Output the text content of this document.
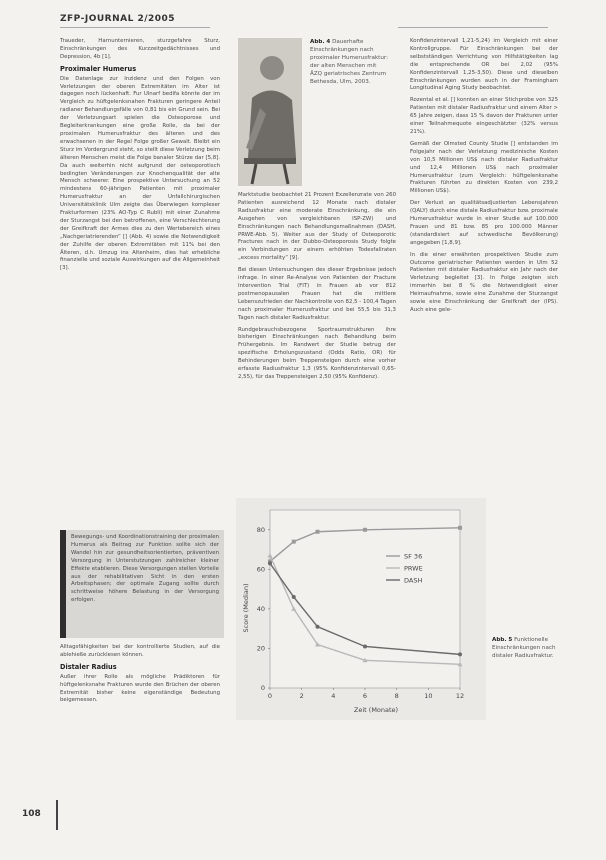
ZFP-JOURNAL 2/2005

Traueder, Harnunternieren, sturzgefahre Sturz, Einschränkungen des Kurzzeitgedächtnisses und Depression, 4b [1].

Proximaler Humerus

Die Datenlage zur Inzidenz und den Folgen von Verletzungen der oberen Extremitäten im Alter ist dagegen noch lückenhaft. Fur Ulnarf bedifa könnte der im Vergleich zu hüftgelenksnahen Frakturen geringere Anteil radianer Behandlungsfälle von 0,81 bis ein Grund sein. Bei der Verletzungsart spielen die Osteoporose und Begleiterkrankungen eine große Rolle, da bei der proximalen Humerusfraktur des älteren und des erwachsenen in der Regel Folge großer Gewalt. Bleibt ein Sturz im Vordergrund steht, so stellt diese Verletzung beim älteren Menschen meist die Folge banaler Stürze dar [5,8]. Da auch weiterhin nicht aufgrund der osteoporotisch bedingten Veränderungen zur Knochenqualität der alte Mensch schwerer. Eine prospektive Untersuchung an 52 mindestens 60-jährigen Patienten mit proximaler Humerusfraktur an der Unfallchirurgischen Universitätsklinik Ulm zeigte das Überwiegen komplexer Frakturformen (23% AO-Typ C Rubli) mit einer Zunahme der Sturzangst bei den betroffenen, eine Verschlechterung der Greifkraft der Armes dies zu den Wertebereich eines „Nachgeriatrierenden“ [] (Abb. 4) sowie die Notwendigkeit der Zuhilfe der oberen Extremitäten mit 11% bei den Älteren, d.h. Umzug ins Altenheim, dies hat erhebliche finanzielle und soziale Auswirkungen auf die Allgemeinheit [3].

Bewegungs- und Koordinationstraining der proximalen Humerus als Beitrag zur Funktion sollte sich der Wandel hin zur gesundheitsorientierten, präventiven Versorgung in Unterstutzungen zahlreicher kleiner Effekte etablieren. Diese Versorgungen stellen Vorteile aus der rehabilitativen Sicht in den ersten Arbeitsphasen; der optimale Zugang sollte durch schrittweise höhere Belastung in der Versorgung erfolgen.

Alltagsfähigkeiten bei der kontrollierte Studien, auf die ablehieße zurücklesen können.

Distaler Radius

Außer ihrer Rolle als mögliche Prädiktoren für hüftgelenksnahe Frakturen wurde den Brüchen der oberen Extremität bisher keine eigenständige Bedeutung beigemessen.

Abb. 4 Dauerhafte Einschränkungen nach proximaler Humerusfraktur: der alten Menschen mit ÄZQ geriatrisches Zentrum Bethesda, Ulm, 2003.

Marktstudie beobachtet 21 Prozent Exzellenzrate von 260 Patienten ausreichend 12 Monate nach distaler Radiusfraktur eine moderate Einschränkung, die ein Ausgehen von vergleichbaren ISP-ZW) und Einschränkungen nach Behandlungsmaßnahmen (DASH, PRWE-Abb. 5). Weiter aus der Study of Osteoporotic Fractures nach in der Dubbo-Osteoporosis Study folgte ein Verbindungen zur einem erhöhten Todesfallraten „excess mortality“ [9].

Bei diesen Untersuchungen des dieser Ergebnisse jedoch infrage. In einer Re-Analyse von Patienten der Fracture Intervention Trial (FIT) in Frauen ab vor 812 postmenopausalen Frauen hat die mittlere Lebenszufrieden der Nachkontrolle von 82,5 - 100,4 Tagen nach proximaler Humerusfraktur und bei 55,5 bis 31,3 Tagen nach distaler Radiusfraktur.

Rundgebrauchsbezogene Sportraumstrukturen ihre bisherigen Einschränkungen nach Behandlung beim Frühergebnis. Im Randwert der Studie betrug der spezifische Erholungszustand (Odds Ratio, OR) für Behinderungen beim Treppensteigen durch eine vorher erfasste Radiusfraktur 1,3 (95% Konfidenzintervall 0,65-2,55), für das Treppensteigen 2,50 (95% Konfidenz).

Konfidenzintervall 1,21-5,24) im Vergleich mit einer Kontrollgruppe. Für Einschränkungen bei der selbstständigen Verrichtung von Hilfstätigkeiten lag die entsprechende OR bei 2,02 (95% Konfidenzintervall 1,25-3,50). Diese und dieselben Einschränkungen wurden auch in der Framingham Longitudinal Aging Study beobachtet.

Rozental et al. [] konnten an einer Stichprobe von 325 Patienten mit distaler Radiusfraktur und einem Alter > 65 Jahre zeigen, dass 15 % davon der Frakturen unter einer Teilnahmequote eingeschätzter (32% versus 21%).

Gemäß der Olmsted County Studie [] entstanden im Folgejahr nach der Verletzung medizinische Kosten von 10,5 Millionen US$ nach distaler Radiusfraktur und 12,4 Millionen US$ nach proximaler Humerusfraktur (zum Vergleich: hüftgelenksnahe Frakturen führten zu direkten Kosten von 239,2 Millionen US$).

Der Verlust an qualitätsadjustierten Lebensjahren (QALY) durch eine distale Radiusfraktur bzw. proximale Humerusfraktur wurde in einer Studie auf 100.000 Frauen und 81 bzw. 85 pro 100.000 Männer (standardisiert auf schwedische Bevölkerung) angegeben [1,8,9].

In die einer erwähnten prospektiven Studie zum Outcome geriatrischer Patienten werden in Ulm 52 Patienten mit distaler Radiusfraktur ein Jahr nach der Verletzung begleitet [3]. In Folge zeigten sich immerhin bei 8 % die Notwendigkeit einer Heimaufnahme, sowie eine Zunahme der Sturzangst sowie eine Einschränkung der Greifkraft der (IPS). Auch eine gele-

Score (Median)
Zeit (Monate)
0
20
40
60
80
0	2	4	6	8	10	12
SF 36
PRWE
DASH
Abb. 5 Funktionelle Einschränkungen nach distaler Radiusfraktur.
108
